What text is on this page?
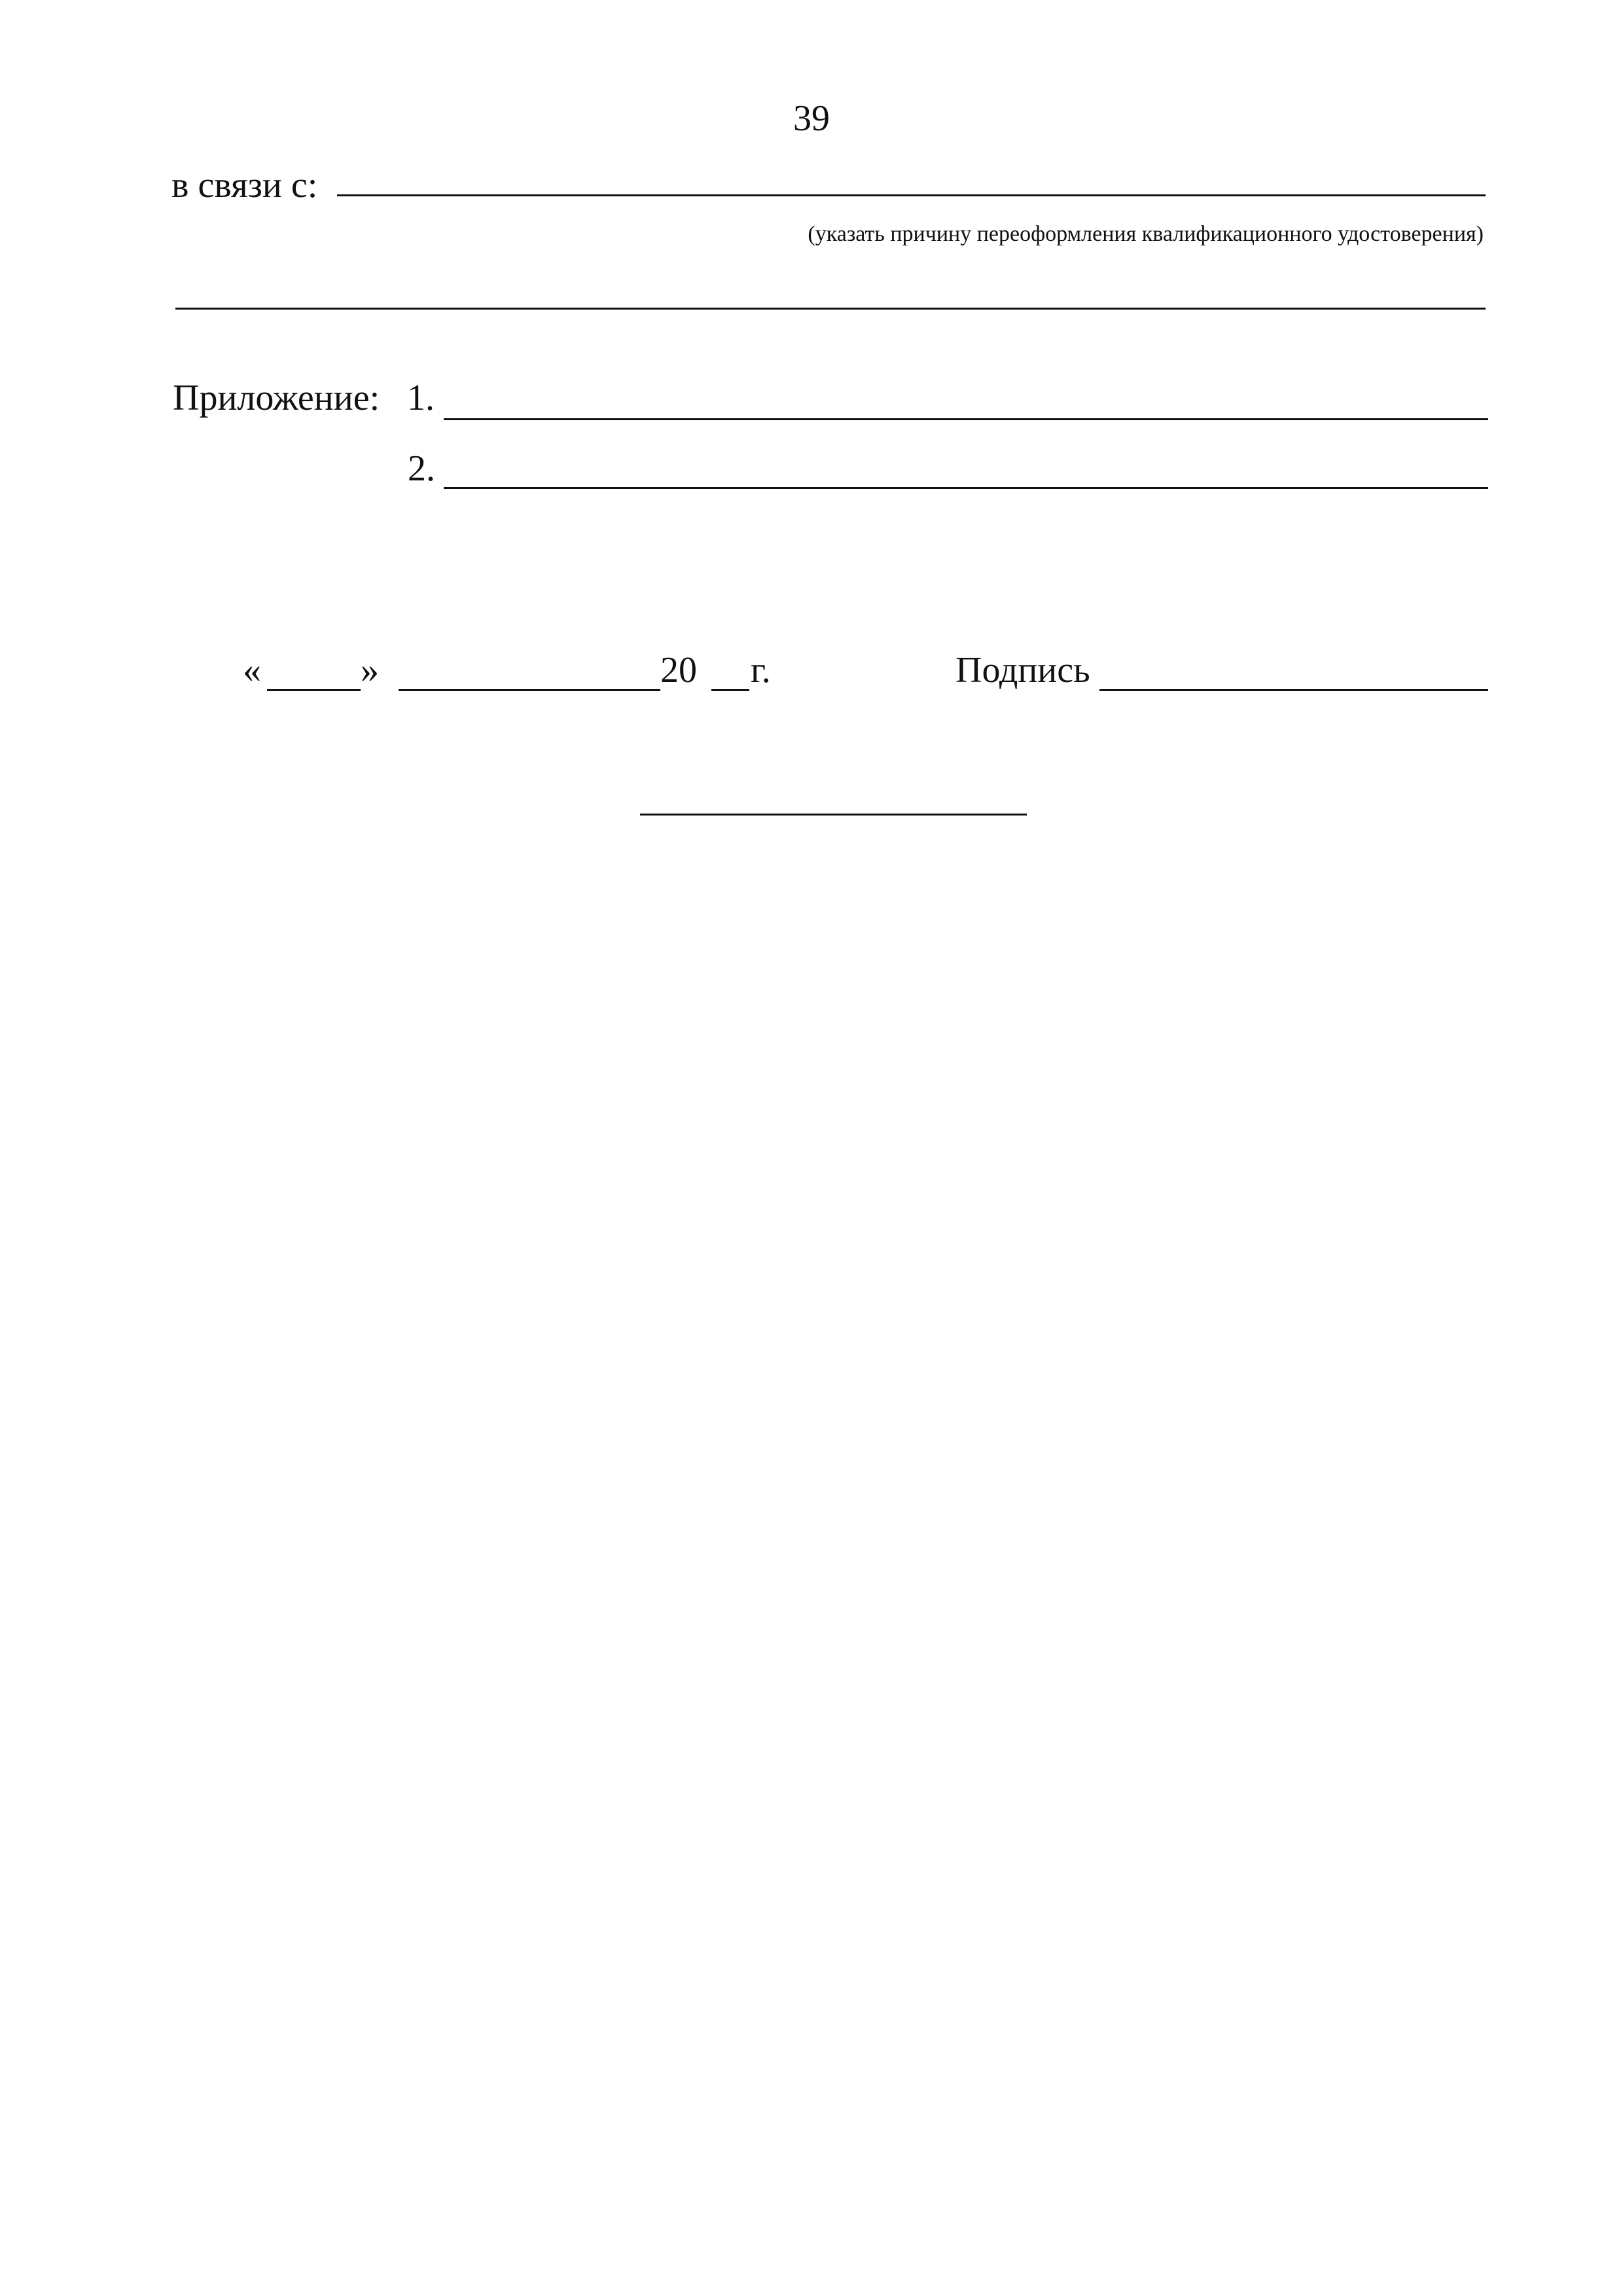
39
в связи с:
(указать причину переоформления квалификационного удостоверения)
Приложение: 1.
2.
«	»	20 г.	Подпись
